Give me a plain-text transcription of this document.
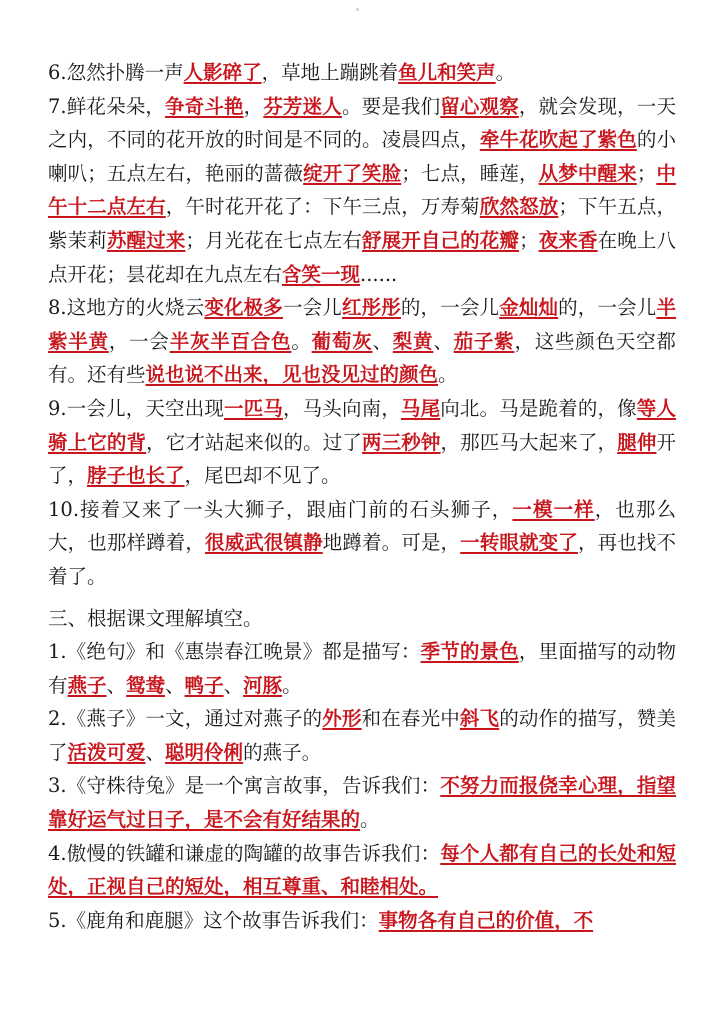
6.忽然扑腾一声人影碎了，草地上蹦跳着鱼儿和笑声。

7.鲜花朵朵，争奇斗艳，芬芳迷人。要是我们留心观察，就会发现，一天之内，不同的花开放的时间是不同的。凌晨四点，牵牛花吹起了紫色的小喇叭；五点左右，艳丽的蔷薇绽开了笑脸；七点，睡莲，从梦中醒来；中午十二点左右，午时花开花了：下午三点，万寿菊欣然怒放；下午五点，紫茉莉苏醒过来；月光花在七点左右舒展开自己的花瓣；夜来香在晚上八点开花；昙花却在九点左右含笑一现......

8.这地方的火烧云变化极多一会儿红彤彤的，一会儿金灿灿的，一会儿半紫半黄，一会半灰半百合色。葡萄灰、梨黄、茄子紫，这些颜色天空都有。还有些说也说不出来，见也没见过的颜色。

9.一会儿，天空出现一匹马，马头向南，马尾向北。马是跪着的，像等人骑上它的背，它才站起来似的。过了两三秒钟，那匹马大起来了，腿伸开了，脖子也长了，尾巴却不见了。

10.接着又来了一头大狮子，跟庙门前的石头狮子，一模一样，也那么大，也那样蹲着，很威武很镇静地蹲着。可是，一转眼就变了，再也找不着了。

三、根据课文理解填空。

1.《绝句》和《惠崇春江晚景》都是描写：季节的景色，里面描写的动物有燕子、鸳鸯、鸭子、河豚。

2.《燕子》一文，通过对燕子的外形和在春光中斜飞的动作的描写，赞美了活泼可爱、聪明伶俐的燕子。

3.《守株待兔》是一个寓言故事，告诉我们：不努力而报侥幸心理，指望靠好运气过日子，是不会有好结果的。

4.傲慢的铁罐和谦虚的陶罐的故事告诉我们：每个人都有自己的长处和短处，正视自己的短处，相互尊重、和睦相处。

5.《鹿角和鹿腿》这个故事告诉我们：事物各有自己的价值，不
